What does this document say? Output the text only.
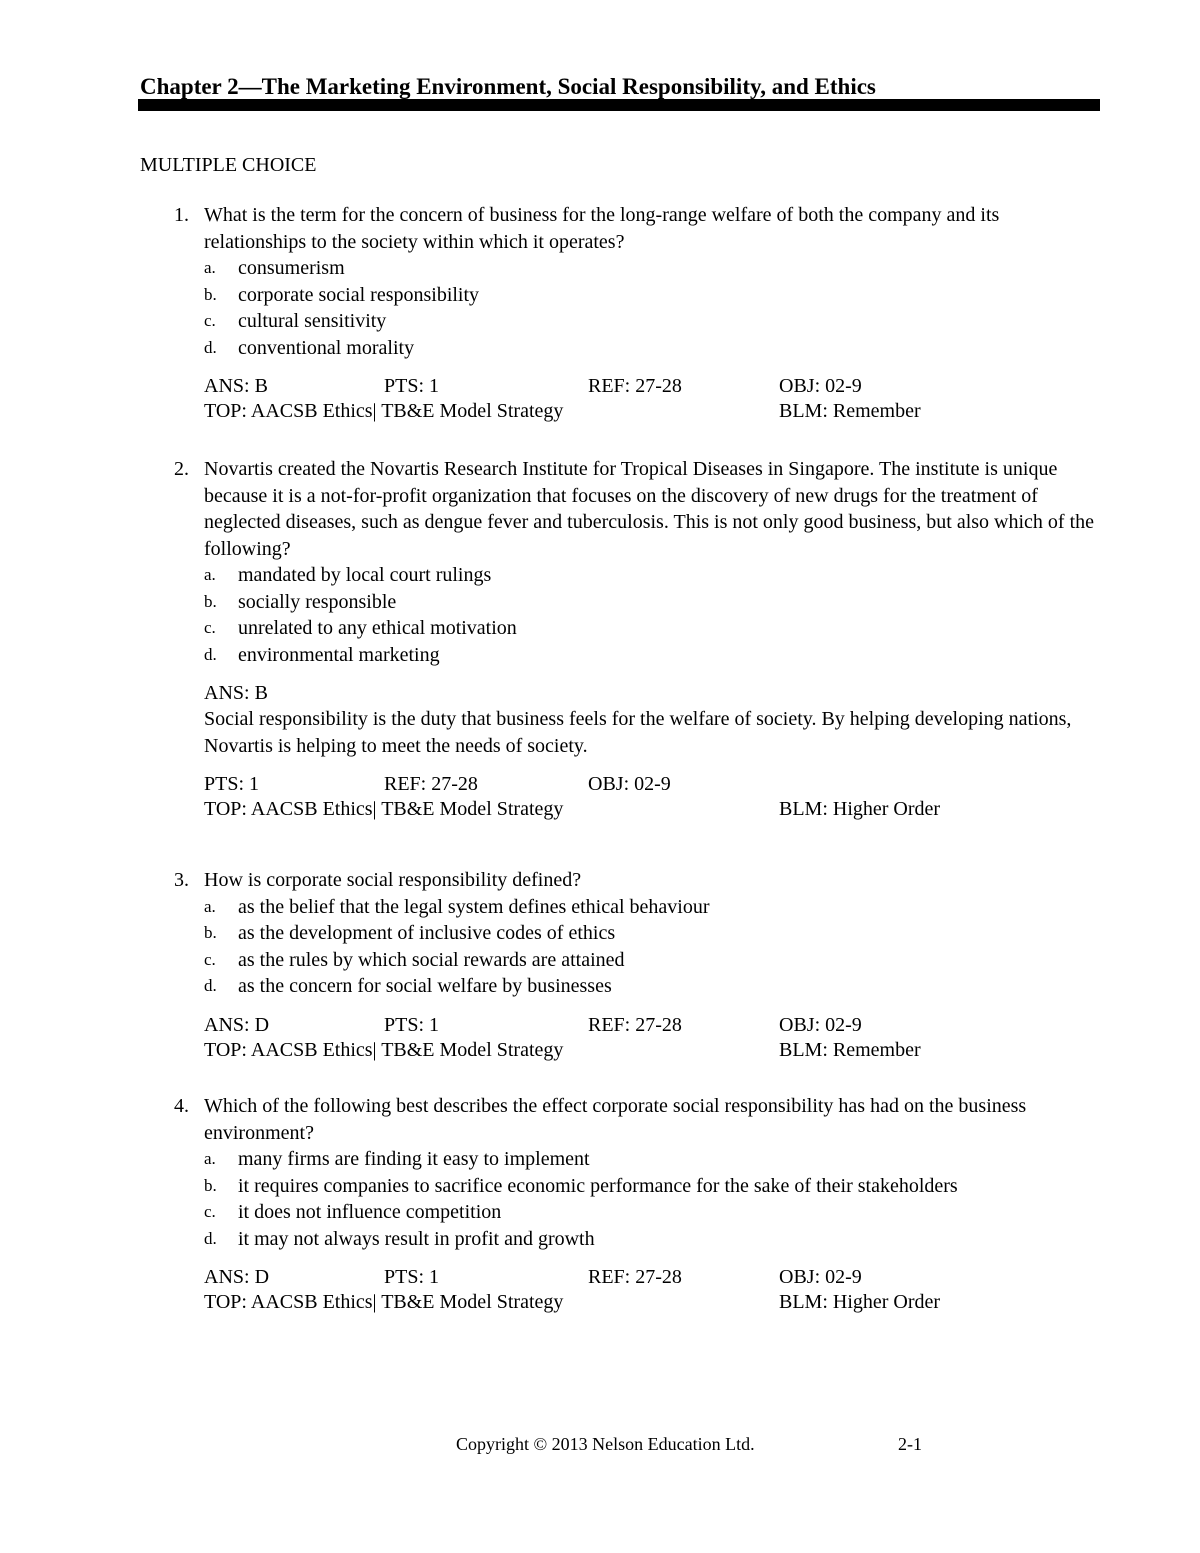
Chapter 2—The Marketing Environment, Social Responsibility, and Ethics
MULTIPLE CHOICE
1. What is the term for the concern of business for the long-range welfare of both the company and its relationships to the society within which it operates?

a. consumerism
b. corporate social responsibility
c. cultural sensitivity
d. conventional morality
ANS: B	PTS: 1	REF: 27-28	OBJ: 02-9
TOP: AACSB Ethics| TB&E Model Strategy	BLM: Remember
2. Novartis created the Novartis Research Institute for Tropical Diseases in Singapore. The institute is unique because it is a not-for-profit organization that focuses on the discovery of new drugs for the treatment of neglected diseases, such as dengue fever and tuberculosis. This is not only good business, but also which of the following?

a. mandated by local court rulings
b. socially responsible
c. unrelated to any ethical motivation
d. environmental marketing
ANS: B

Social responsibility is the duty that business feels for the welfare of society. By helping developing nations, Novartis is helping to meet the needs of society.

PTS: 1	REF: 27-28	OBJ: 02-9
TOP: AACSB Ethics| TB&E Model Strategy	BLM: Higher Order
3. How is corporate social responsibility defined?

a. as the belief that the legal system defines ethical behaviour
b. as the development of inclusive codes of ethics
c. as the rules by which social rewards are attained
d. as the concern for social welfare by businesses
ANS: D	PTS: 1	REF: 27-28	OBJ: 02-9
TOP: AACSB Ethics| TB&E Model Strategy	BLM: Remember
4. Which of the following best describes the effect corporate social responsibility has had on the business environment?

a. many firms are finding it easy to implement
b. it requires companies to sacrifice economic performance for the sake of their stakeholders
c. it does not influence competition
d. it may not always result in profit and growth
ANS: D	PTS: 1	REF: 27-28	OBJ: 02-9
TOP: AACSB Ethics| TB&E Model Strategy	BLM: Higher Order
Copyright © 2013 Nelson Education Ltd.	2-1
